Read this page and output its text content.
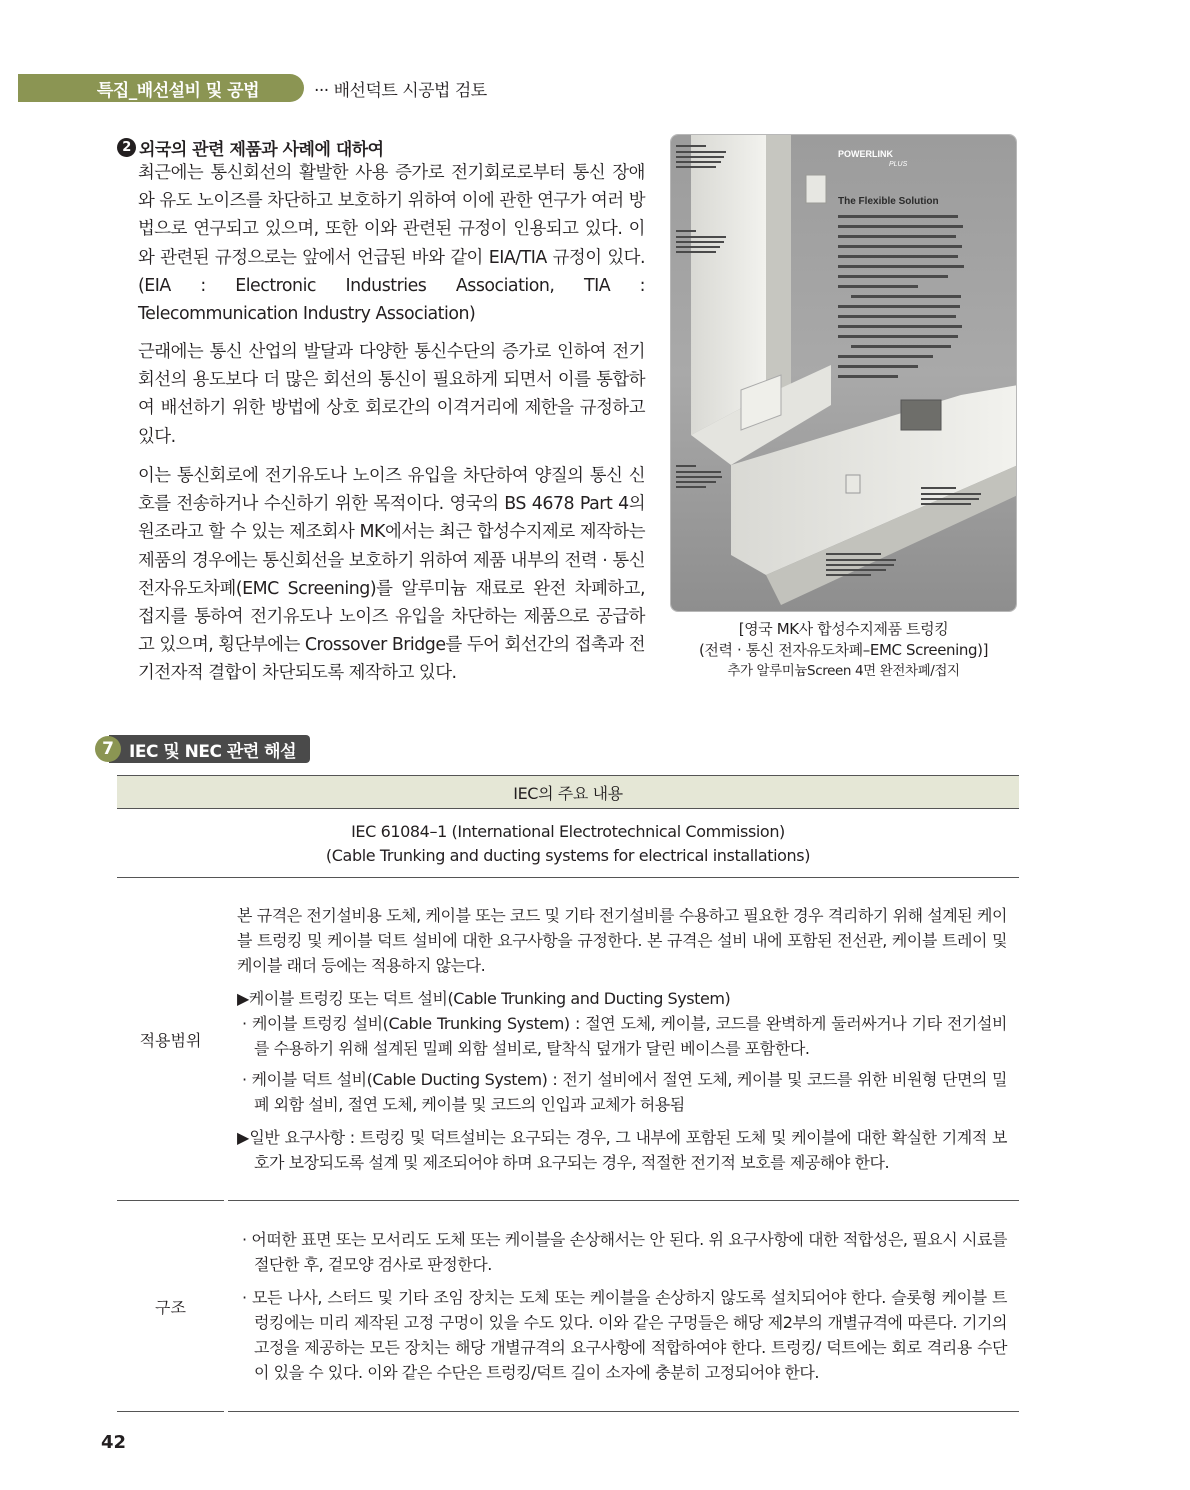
특집_배선설비 및 공법	··· 배선덕트 시공법 검토
2 외국의 관련 제품과 사례에 대하여
최근에는 통신회선의 활발한 사용 증가로 전기회로로부터 통신 장애와 유도 노이즈를 차단하고 보호하기 위하여 이에 관한 연구가 여러 방법으로 연구되고 있으며, 또한 이와 관련된 규정이 인용되고 있다. 이와 관련된 규정으로는 앞에서 언급된 바와 같이 EIA/TIA 규정이 있다. (EIA : Electronic Industries Association, TIA : Telecommunication Industry Association)
근래에는 통신 산업의 발달과 다양한 통신수단의 증가로 인하여 전기 회선의 용도보다 더 많은 회선의 통신이 필요하게 되면서 이를 통합하여 배선하기 위한 방법에 상호 회로간의 이격거리에 제한을 규정하고 있다.
이는 통신회로에 전기유도나 노이즈 유입을 차단하여 양질의 통신 신호를 전송하거나 수신하기 위한 목적이다. 영국의 BS 4678 Part 4의 원조라고 할 수 있는 제조회사 MK에서는 최근 합성수지제로 제작하는 제품의 경우에는 통신회선을 보호하기 위하여 제품 내부의 전력 · 통신 전자유도차폐(EMC Screening)를 알루미늄 재료로 완전 차폐하고, 접지를 통하여 전기유도나 노이즈 유입을 차단하는 제품으로 공급하고 있으며, 횡단부에는 Crossover Bridge를 두어 회선간의 접촉과 전기전자적 결합이 차단되도록 제작하고 있다.
POWERLINK
PLUS
The Flexible Solution
[영국 MK사 합성수지제품 트렁킹
(전력 · 통신 전자유도차폐–EMC Screening)]
추가 알루미늄Screen 4면 완전차폐/접지
7 IEC 및 NEC 관련 해설
IEC의 주요 내용
IEC 61084–1 (International Electrotechnical Commission)
(Cable Trunking and ducting systems for electrical installations)
적용범위

본 규격은 전기설비용 도체, 케이블 또는 코드 및 기타 전기설비를 수용하고 필요한 경우 격리하기 위해 설계된 케이블 트렁킹 및 케이블 덕트 설비에 대한 요구사항을 규정한다. 본 규격은 설비 내에 포함된 전선관, 케이블 트레이 및 케이블 래더 등에는 적용하지 않는다.

▶케이블 트렁킹 또는 덕트 설비(Cable Trunking and Ducting System)

· 케이블 트렁킹 설비(Cable Trunking System) : 절연 도체, 케이블, 코드를 완벽하게 둘러싸거나 기타 전기설비를 수용하기 위해 설계된 밀폐 외함 설비로, 탈착식 덮개가 달린 베이스를 포함한다.

· 케이블 덕트 설비(Cable Ducting System) : 전기 설비에서 절연 도체, 케이블 및 코드를 위한 비원형 단면의 밀폐 외함 설비, 절연 도체, 케이블 및 코드의 인입과 교체가 허용됨

▶일반 요구사항 : 트렁킹 및 덕트설비는 요구되는 경우, 그 내부에 포함된 도체 및 케이블에 대한 확실한 기계적 보호가 보장되도록 설계 및 제조되어야 하며 요구되는 경우, 적절한 전기적 보호를 제공해야 한다.

구조

· 어떠한 표면 또는 모서리도 도체 또는 케이블을 손상해서는 안 된다. 위 요구사항에 대한 적합성은, 필요시 시료를 절단한 후, 겉모양 검사로 판정한다.

· 모든 나사, 스터드 및 기타 조임 장치는 도체 또는 케이블을 손상하지 않도록 설치되어야 한다. 슬롯형 케이블 트렁킹에는 미리 제작된 고정 구멍이 있을 수도 있다. 이와 같은 구멍들은 해당 제2부의 개별규격에 따른다. 기기의 고정을 제공하는 모든 장치는 해당 개별규격의 요구사항에 적합하여야 한다. 트렁킹/ 덕트에는 회로 격리용 수단이 있을 수 있다. 이와 같은 수단은 트렁킹/덕트 길이 소자에 충분히 고정되어야 한다.

42
